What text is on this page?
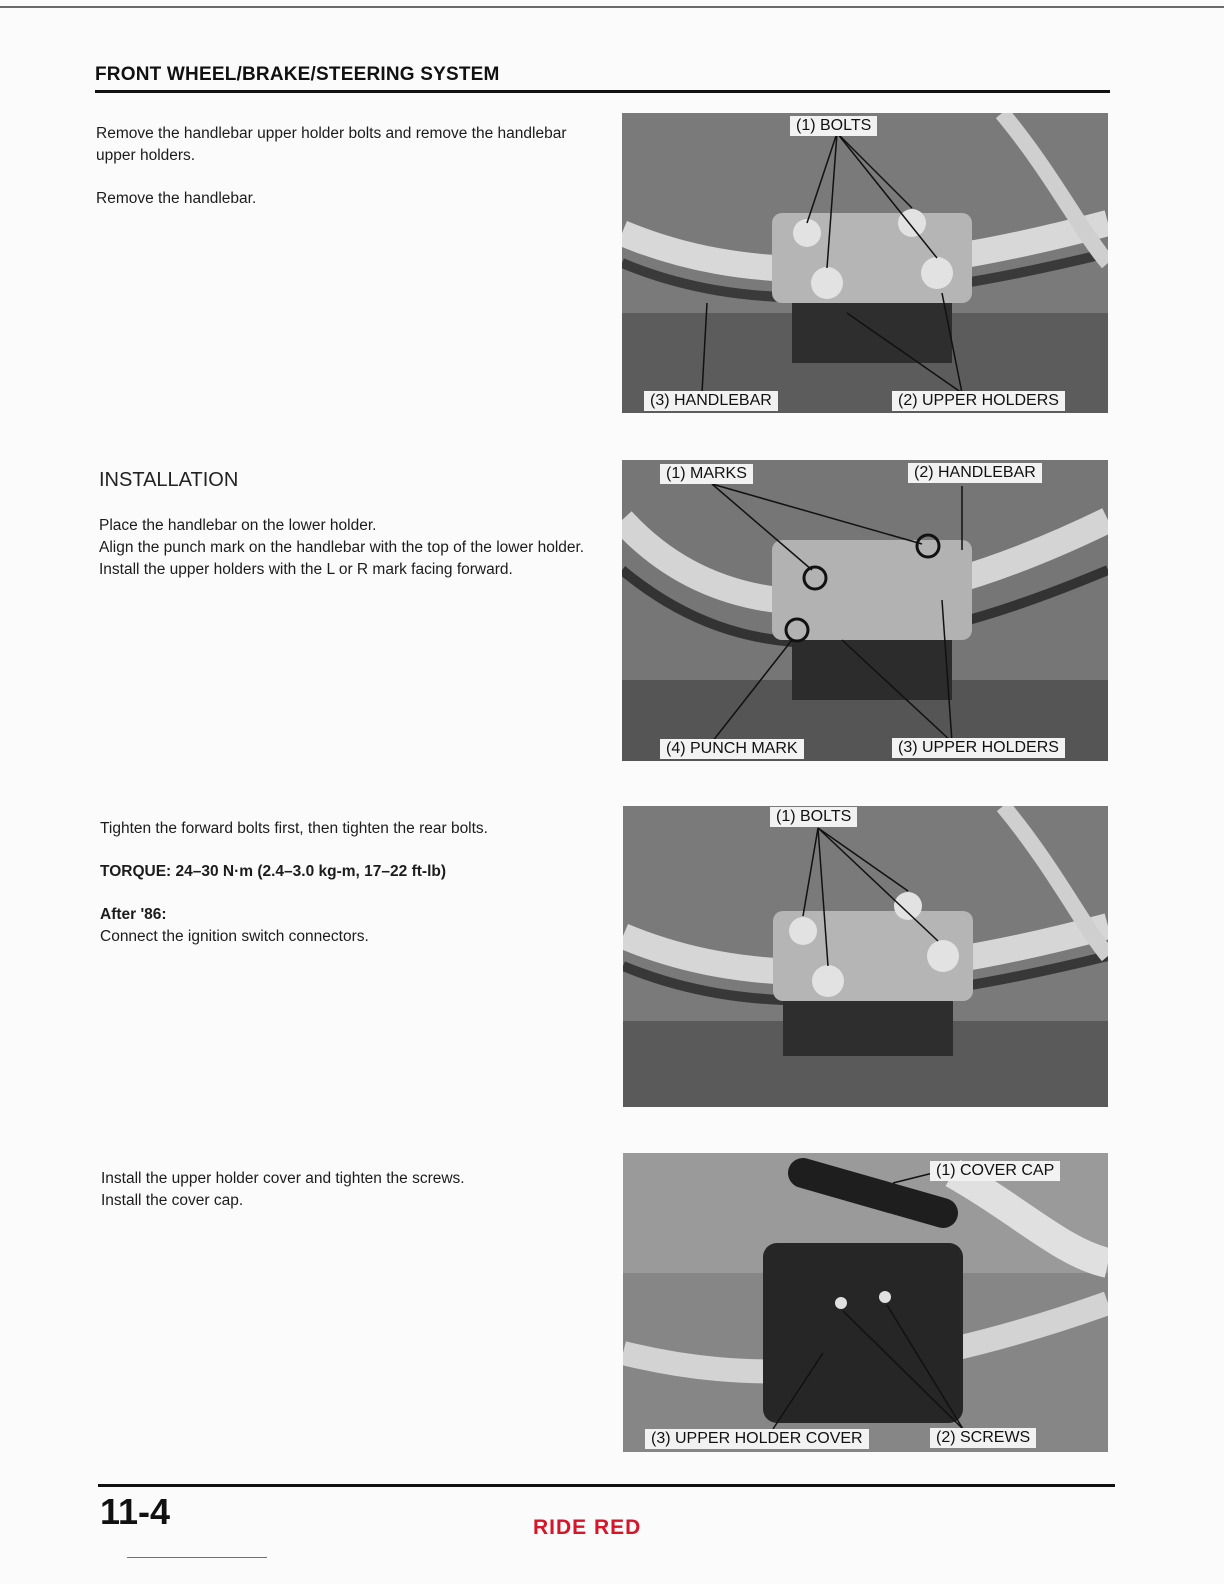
FRONT WHEEL/BRAKE/STEERING SYSTEM

Remove the handlebar upper holder bolts and remove the handlebar upper holders.

Remove the handlebar.

(1) BOLTS
(2) UPPER HOLDERS
(3) HANDLEBAR
INSTALLATION

Place the handlebar on the lower holder.

Align the punch mark on the handlebar with the top of the lower holder.

Install the upper holders with the L or R mark facing forward.

(1) MARKS	(2) HANDLEBAR
(3) UPPER HOLDERS
(4) PUNCH MARK

Tighten the forward bolts first, then tighten the rear bolts.

TORQUE: 24–30 N·m (2.4–3.0 kg-m, 17–22 ft-lb)

After '86:

Connect the ignition switch connectors.

(1) BOLTS

Install the upper holder cover and tighten the screws.

Install the cover cap.

(1) COVER CAP
(2) SCREWS
(3) UPPER HOLDER COVER
11-4	RIDE RED
